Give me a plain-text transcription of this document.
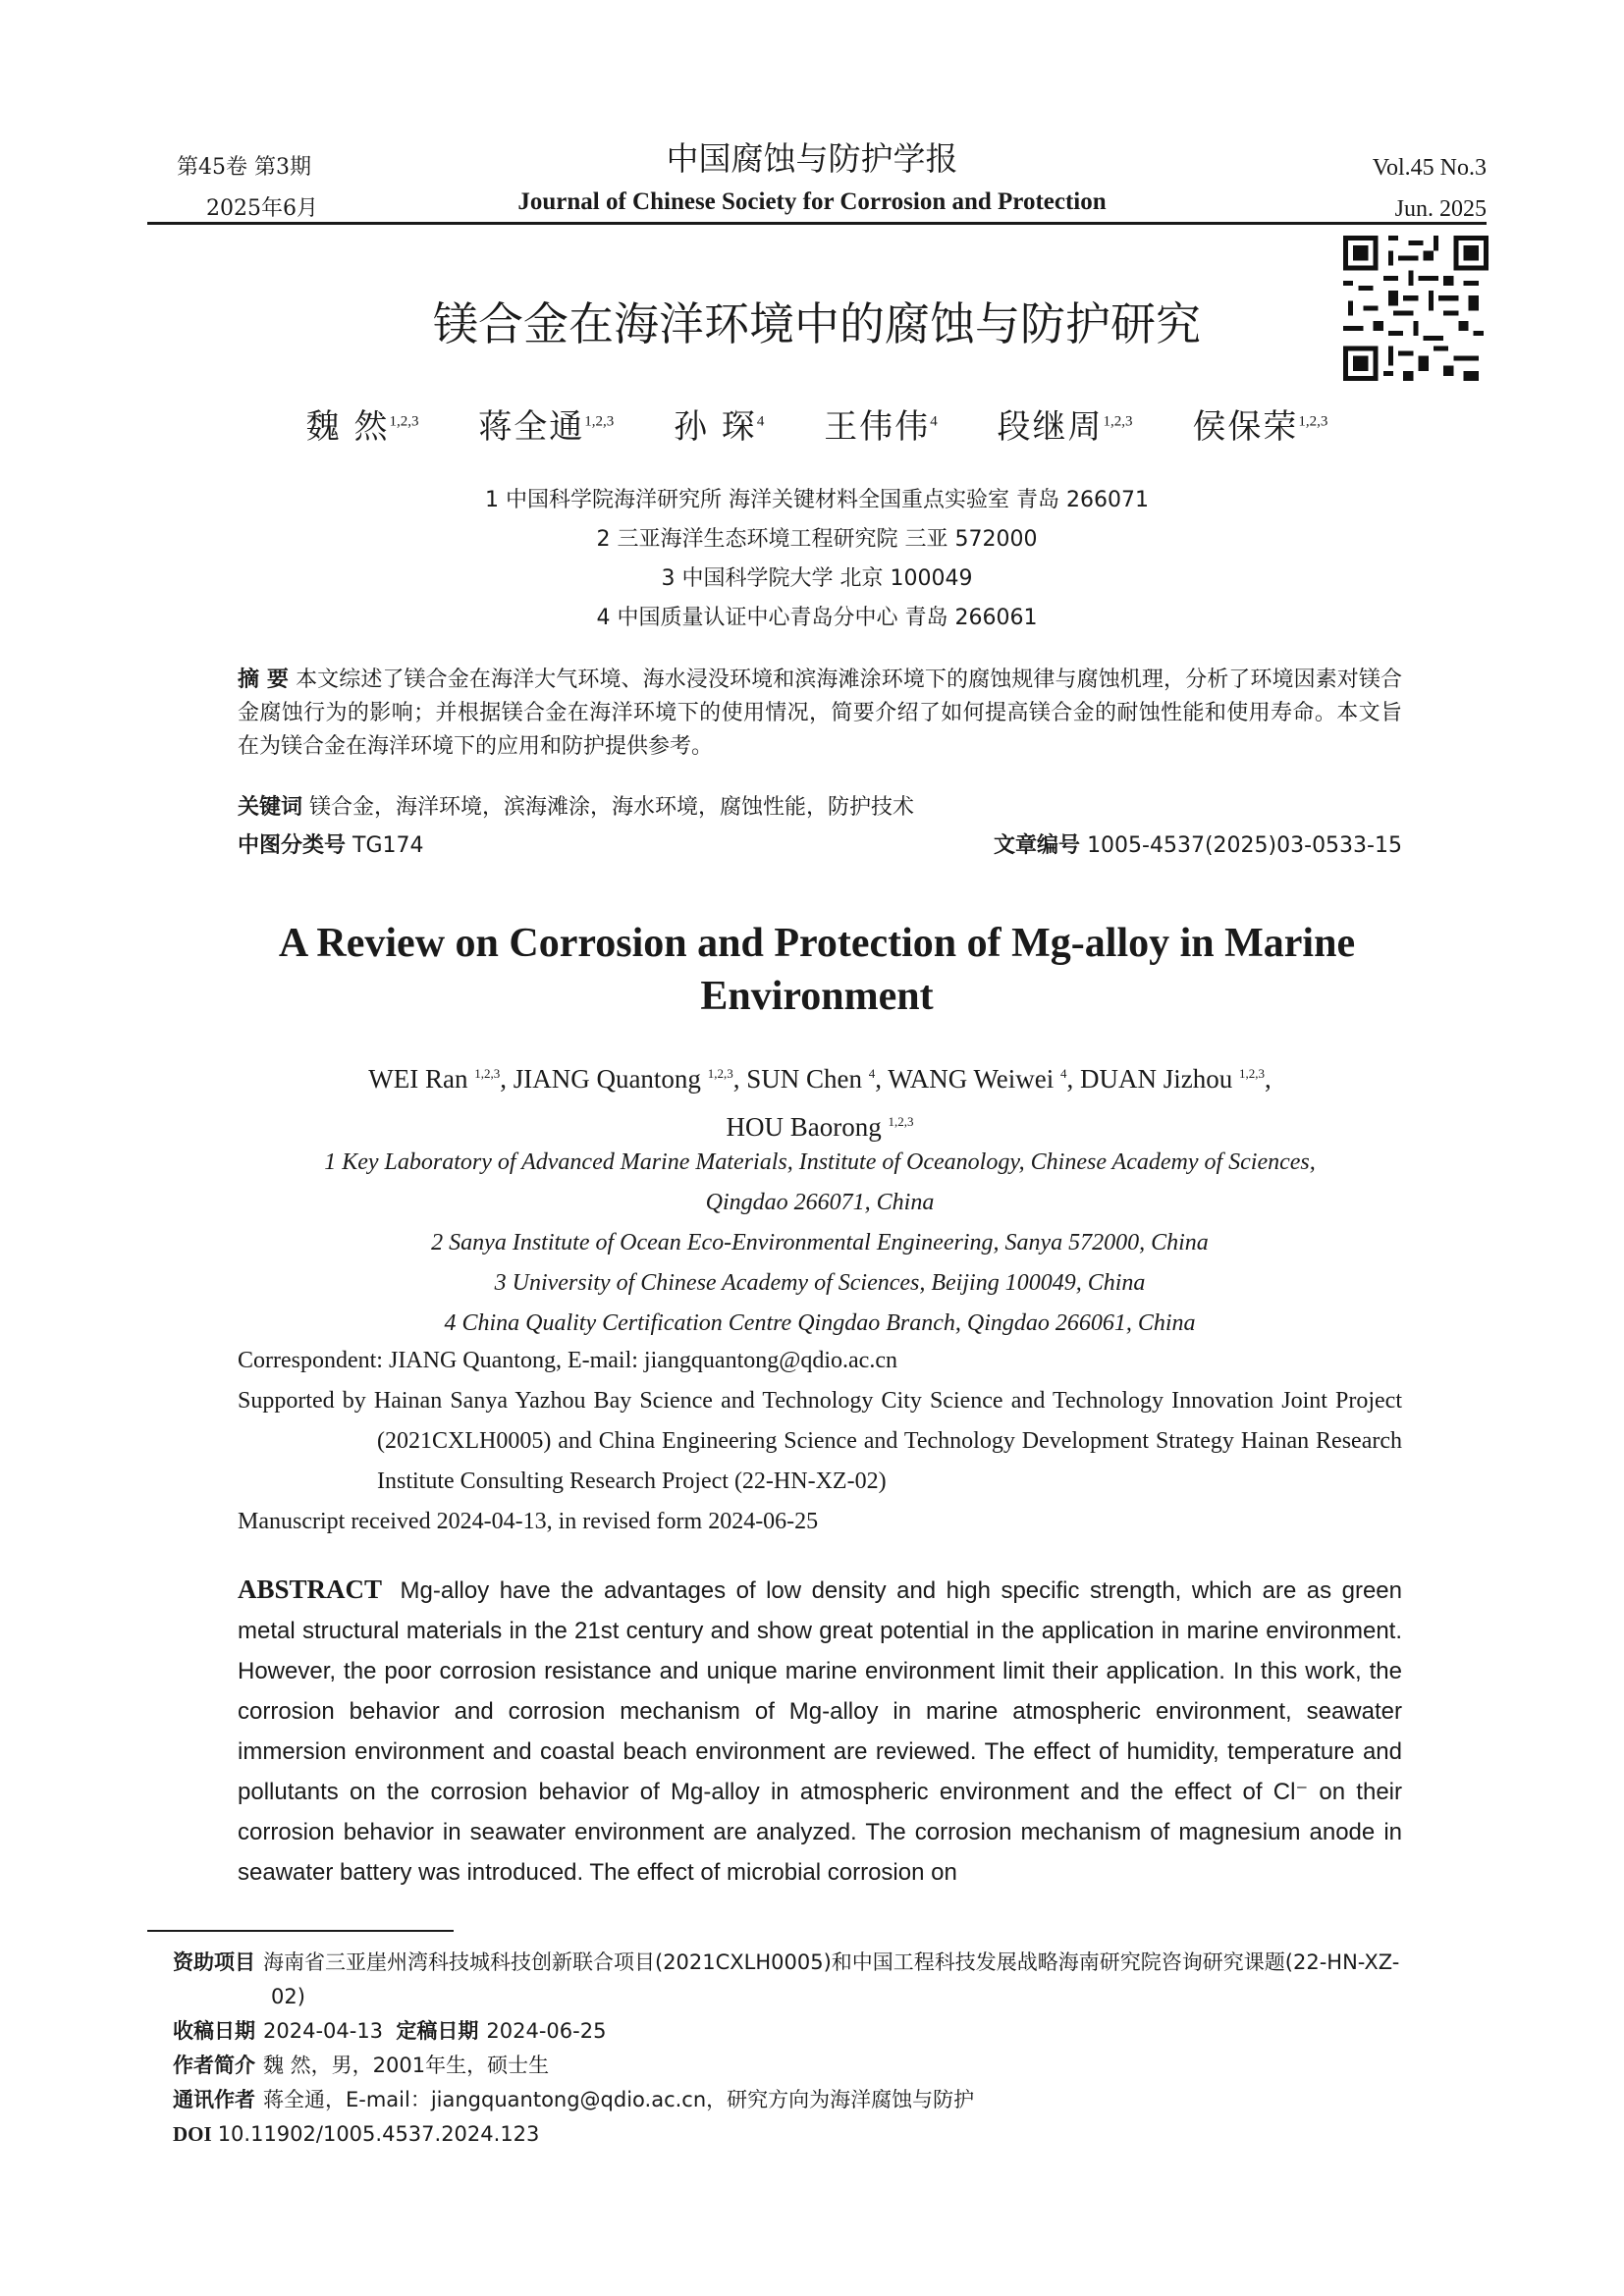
第45卷 第3期
2025年6月
中国腐蚀与防护学报
Journal of Chinese Society for Corrosion and Protection
Vol.45 No.3
Jun. 2025
镁合金在海洋环境中的腐蚀与防护研究
魏 然$^{1,2,3}$ 蒋全通$^{1,2,3}$ 孙 琛$^4$ 王伟伟$^4$ 段继周$^{1,2,3}$ 侯保荣$^{1,2,3}$
1 中国科学院海洋研究所 海洋关键材料全国重点实验室 青岛 266071
2 三亚海洋生态环境工程研究院 三亚 572000
3 中国科学院大学 北京 100049
4 中国质量认证中心青岛分中心 青岛 266061
摘 要 本文综述了镁合金在海洋大气环境、海水浸没环境和滨海滩涂环境下的腐蚀规律与腐蚀机理，分析了环境因素对镁合金腐蚀行为的影响；并根据镁合金在海洋环境下的使用情况，简要介绍了如何提高镁合金的耐蚀性能和使用寿命。本文旨在为镁合金在海洋环境下的应用和防护提供参考。
关键词 镁合金，海洋环境，滨海滩涂，海水环境，腐蚀性能，防护技术
中图分类号 TG174	文章编号 1005-4537(2025)03-0533-15
A Review on Corrosion and Protection of Mg-alloy in Marine Environment
WEI Ran $^{1,2,3}$, JIANG Quantong $^{1,2,3}$, SUN Chen $^4$, WANG Weiwei $^4$, DUAN Jizhou $^{1,2,3}$,
HOU Baorong $^{1,2,3}$
1 Key Laboratory of Advanced Marine Materials, Institute of Oceanology, Chinese Academy of Sciences,
Qingdao 266071, China
2 Sanya Institute of Ocean Eco-Environmental Engineering, Sanya 572000, China
3 University of Chinese Academy of Sciences, Beijing 100049, China
4 China Quality Certification Centre Qingdao Branch, Qingdao 266061, China
Correspondent: JIANG Quantong, E-mail: jiangquantong@qdio.ac.cn
Supported by Hainan Sanya Yazhou Bay Science and Technology City Science and Technology Innovation Joint Project (2021CXLH0005) and China Engineering Science and Technology Development Strategy Hainan Research Institute Consulting Research Project (22-HN-XZ-02)
Manuscript received 2024-04-13, in revised form 2024-06-25
ABSTRACT Mg-alloy have the advantages of low density and high specific strength, which are as green metal structural materials in the 21st century and show great potential in the application in marine environment. However, the poor corrosion resistance and unique marine environment limit their application. In this work, the corrosion behavior and corrosion mechanism of Mg-alloy in marine atmospheric environment, seawater immersion environment and coastal beach environment are reviewed. The effect of humidity, temperature and pollutants on the corrosion behavior of Mg-alloy in atmospheric environment and the effect of Cl⁻ on their corrosion behavior in seawater environment are analyzed. The corrosion mechanism of magnesium anode in seawater battery was introduced. The effect of microbial corrosion on
资助项目 海南省三亚崖州湾科技城科技创新联合项目(2021CXLH0005)和中国工程科技发展战略海南研究院咨询研究课题(22-HN-XZ-02)
收稿日期 2024-04-13 定稿日期 2024-06-25
作者简介 魏 然，男，2001年生，硕士生
通讯作者 蒋全通，E-mail：jiangquantong@qdio.ac.cn，研究方向为海洋腐蚀与防护
DOI 10.11902/1005.4537.2024.123
